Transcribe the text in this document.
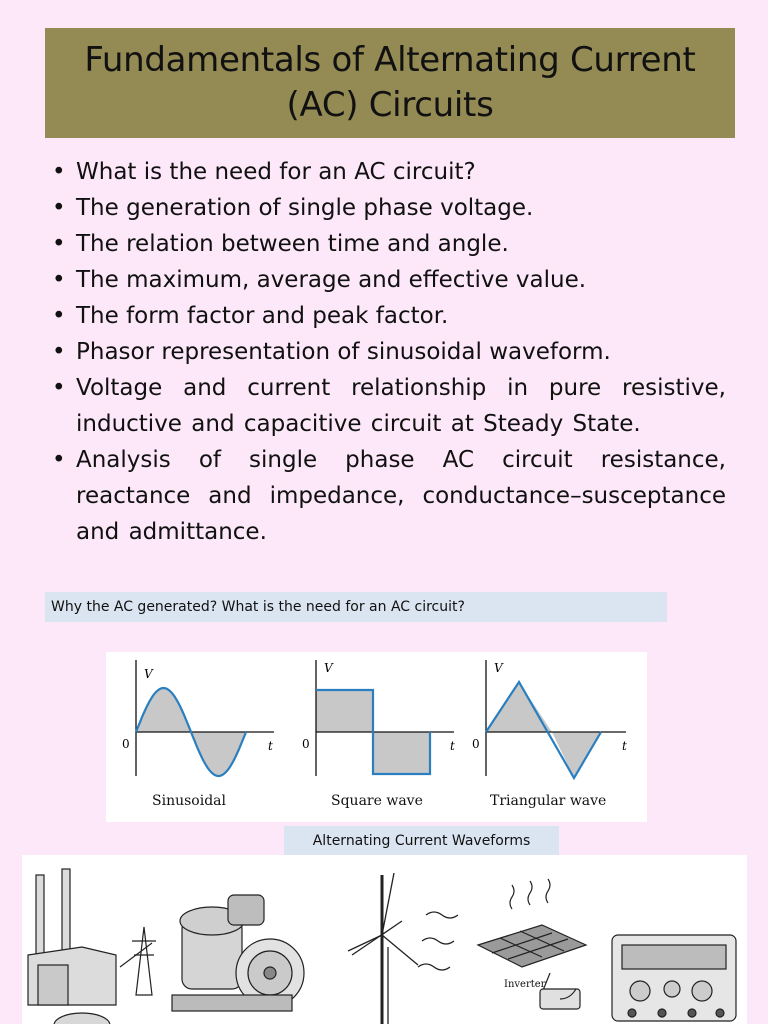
Fundamentals of Alternating Current
(AC) Circuits
• What is the need for an AC circuit?
• The generation of single phase voltage.
• The relation between time and angle.
• The maximum, average and effective value.
• The form factor and peak factor.
• Phasor representation of sinusoidal waveform.
• Voltage and current relationship in pure resistive, inductive and capacitive circuit at Steady State.
• Analysis of single phase AC circuit resistance, reactance and impedance, conductance–susceptance and admittance.
Why the AC generated? What is the need for an AC circuit?
V
0	t
V
0	t
V
0	t
Sinusoidal	Square wave	Triangular wave
Alternating Current Waveforms
Inverter
